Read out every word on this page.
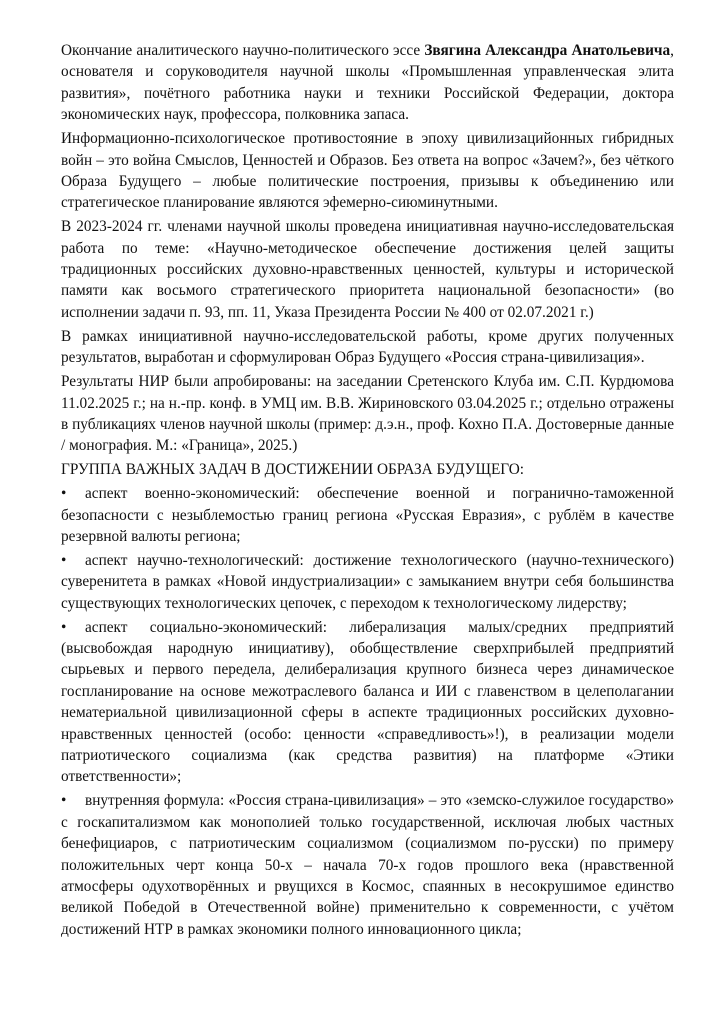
Окончание аналитического научно-политического эссе Звягина Александра Анатольевича, основателя и соруководителя научной школы «Промышленная управленческая элита развития», почётного работника науки и техники Российской Федерации, доктора экономических наук, профессора, полковника запаса.

Информационно-психологическое противостояние в эпоху цивилизацийонных гибридных войн – это война Смыслов, Ценностей и Образов. Без ответа на вопрос «Зачем?», без чёткого Образа Будущего – любые политические построения, призывы к объединению или стратегическое планирование являются эфемерно-сиюминутными.

В 2023-2024 гг. членами научной школы проведена инициативная научно-исследовательская работа по теме: «Научно-методическое обеспечение достижения целей защиты традиционных российских духовно-нравственных ценностей, культуры и исторической памяти как восьмого стратегического приоритета национальной безопасности» (во исполнении задачи п. 93, пп. 11, Указа Президента России № 400 от 02.07.2021 г.)

В рамках инициативной научно-исследовательской работы, кроме других полученных результатов, выработан и сформулирован Образ Будущего «Россия страна-цивилизация».

Результаты НИР были апробированы: на заседании Сретенского Клуба им. С.П. Курдюмова 11.02.2025 г.; на н.-пр. конф. в УМЦ им. В.В. Жириновского 03.04.2025 г.; отдельно отражены в публикациях членов научной школы (пример: д.э.н., проф. Кохно П.А. Достоверные данные / монография. М.: «Граница», 2025.)

ГРУППА ВАЖНЫХ ЗАДАЧ В ДОСТИЖЕНИИ ОБРАЗА БУДУЩЕГО:

• аспект военно-экономический: обеспечение военной и погранично-таможенной безопасности с незыблемостью границ региона «Русская Евразия», с рублём в качестве резервной валюты региона;

• аспект научно-технологический: достижение технологического (научно-технического) суверенитета в рамках «Новой индустриализации» с замыканием внутри себя большинства существующих технологических цепочек, с переходом к технологическому лидерству;

• аспект социально-экономический: либерализация малых/средних предприятий (высвобождая народную инициативу), обобществление сверхприбылей предприятий сырьевых и первого передела, делиберализация крупного бизнеса через динамическое госпланирование на основе межотраслевого баланса и ИИ с главенством в целеполагании нематериальной цивилизационной сферы в аспекте традиционных российских духовно-нравственных ценностей (особо: ценности «справедливость»!), в реализации модели патриотического социализма (как средства развития) на платформе «Этики ответственности»;

• внутренняя формула: «Россия страна-цивилизация» – это «земско-служилое государство» с госкапитализмом как монополией только государственной, исключая любых частных бенефициаров, с патриотическим социализмом (социализмом по-русски) по примеру положительных черт конца 50-х – начала 70-х годов прошлого века (нравственной атмосферы одухотворённых и рвущихся в Космос, спаянных в несокрушимое единство великой Победой в Отечественной войне) применительно к современности, с учётом достижений НТР в рамках экономики полного инновационного цикла;
